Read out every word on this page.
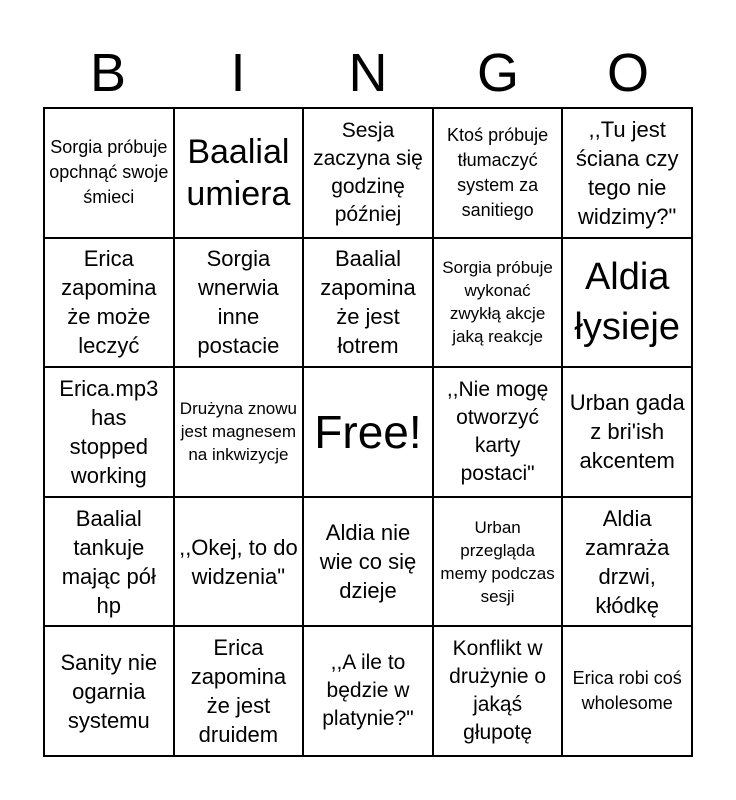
B	I	N	G	O
Sorgia próbuje opchnąć swoje śmieci
Baalial umiera
Sesja zaczyna się godzinę później
Ktoś próbuje tłumaczyć system za sanitiego
,,Tu jest ściana czy tego nie widzimy?"
Erica zapomina że może leczyć
Sorgia wnerwia inne postacie
Baalial zapomina że jest łotrem
Sorgia próbuje wykonać zwykłą akcje jaką reakcje
Aldia łysieje
Erica.mp3 has stopped working
Drużyna znowu jest magnesem na inkwizycje Free!
,,Nie mogę otworzyć karty postaci"
Urban gada z bri'ish akcentem
Baalial tankuje mając pół hp
,,Okej, to do widzenia"
Aldia nie wie co się dzieje
Urban przegląda memy podczas sesji
Aldia zamraża drzwi, kłódkę
Sanity nie ogarnia systemu
Erica zapomina że jest druidem
,,A ile to będzie w platynie?"
Konflikt w drużynie o jakąś głupotę
Erica robi coś wholesome
